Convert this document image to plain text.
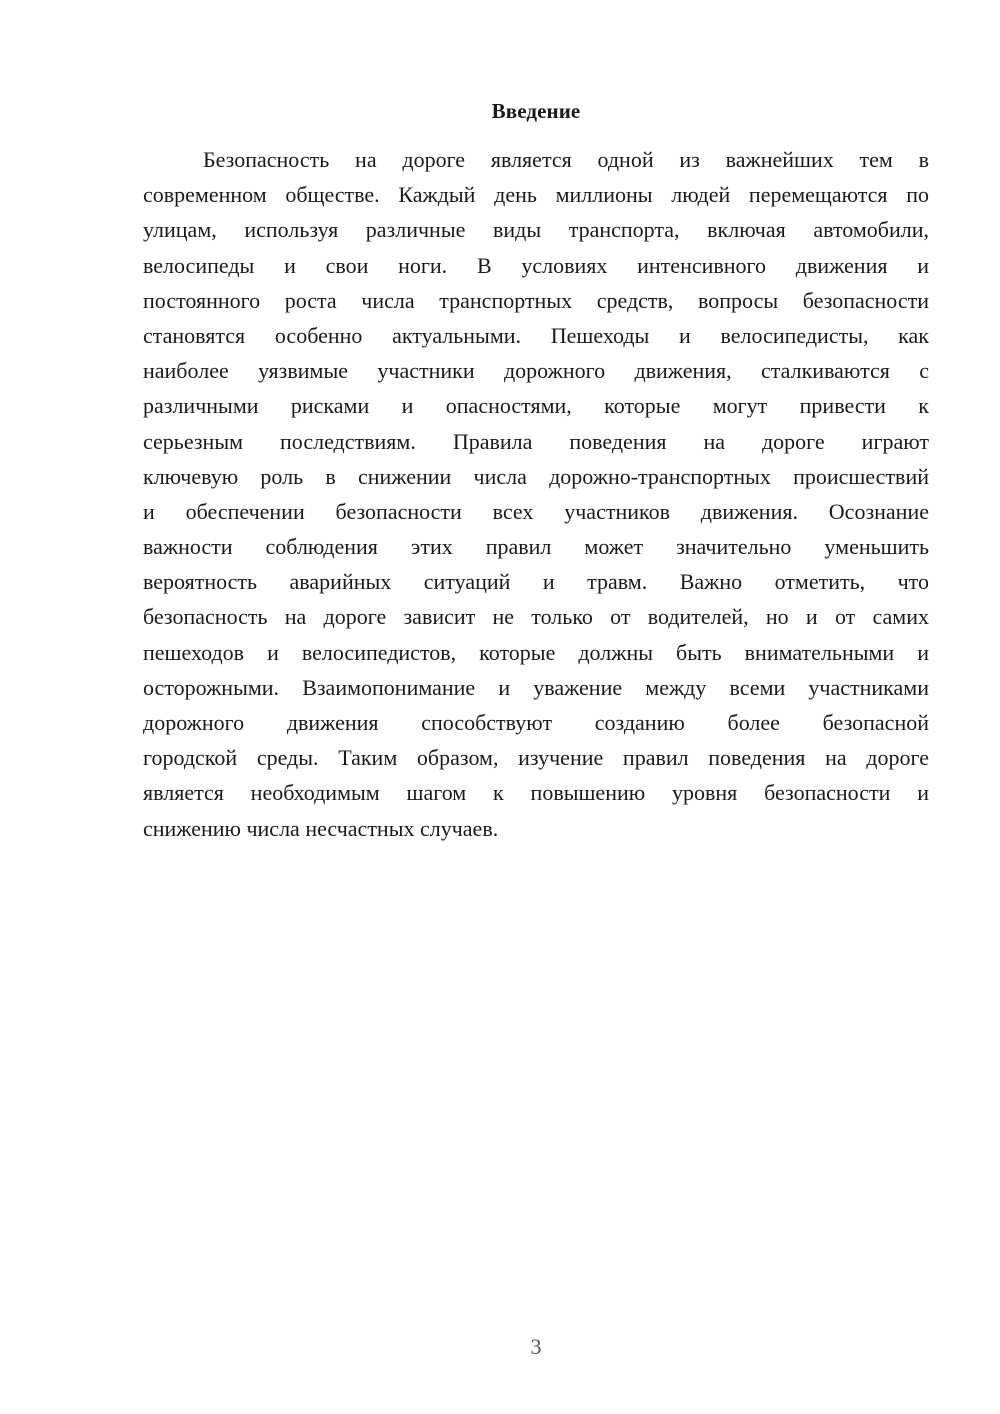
Введение
Безопасность на дороге является одной из важнейших тем в
современном обществе. Каждый день миллионы людей перемещаются по
улицам, используя различные виды транспорта, включая автомобили,
велосипеды и свои ноги. В условиях интенсивного движения и
постоянного роста числа транспортных средств, вопросы безопасности
становятся особенно актуальными. Пешеходы и велосипедисты, как
наиболее уязвимые участники дорожного движения, сталкиваются с
различными рисками и опасностями, которые могут привести к
серьезным последствиям. Правила поведения на дороге играют
ключевую роль в снижении числа дорожно-транспортных происшествий
и обеспечении безопасности всех участников движения. Осознание
важности соблюдения этих правил может значительно уменьшить
вероятность аварийных ситуаций и травм. Важно отметить, что
безопасность на дороге зависит не только от водителей, но и от самих
пешеходов и велосипедистов, которые должны быть внимательными и
осторожными. Взаимопонимание и уважение между всеми участниками
дорожного движения способствуют созданию более безопасной
городской среды. Таким образом, изучение правил поведения на дороге
является необходимым шагом к повышению уровня безопасности и
снижению числа несчастных случаев.
3
